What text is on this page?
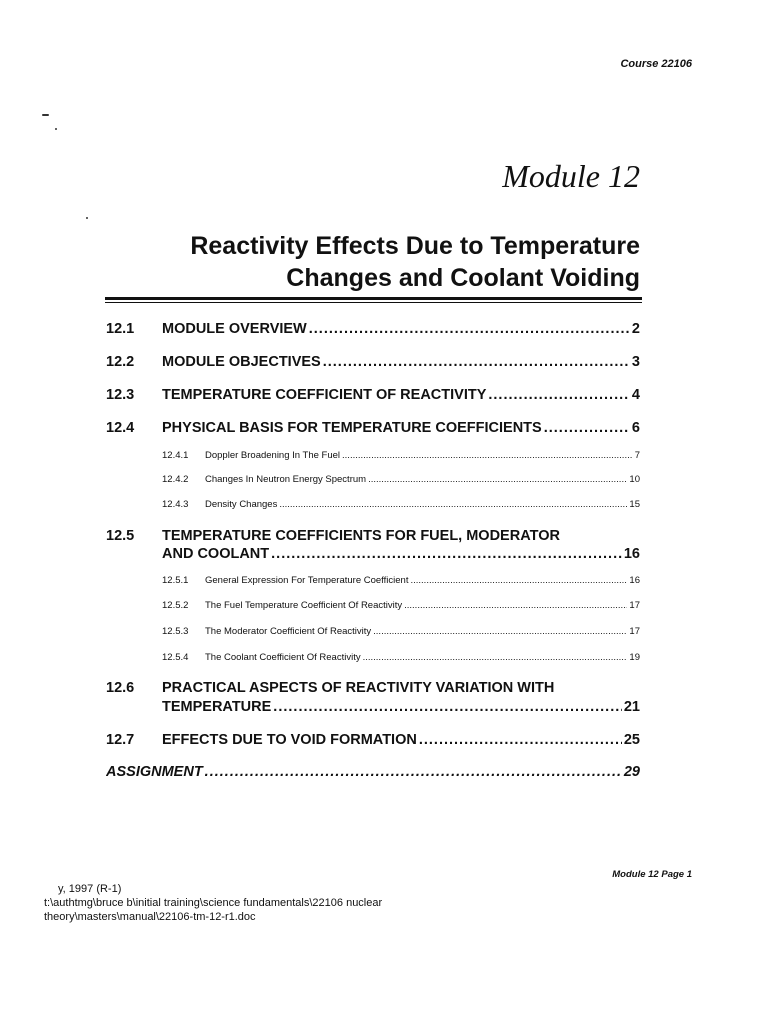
Course 22106
Module 12
Reactivity Effects Due to Temperature
Changes and Coolant Voiding
12.1	MODULE OVERVIEW .....	2
12.2	MODULE OBJECTIVES .....	3
12.3	TEMPERATURE COEFFICIENT OF REACTIVITY .....	4
12.4	PHYSICAL BASIS FOR TEMPERATURE COEFFICIENTS .....	6
12.4.1	Doppler Broadening In The Fuel .....	7
12.4.2	Changes In Neutron Energy Spectrum .....	10
12.4.3	Density Changes .....	15
12.5	TEMPERATURE COEFFICIENTS FOR FUEL, MODERATOR
AND COOLANT .....	16
12.5.1	General Expression For Temperature Coefficient .....	16
12.5.2	The Fuel Temperature Coefficient Of Reactivity .....	17
12.5.3	The Moderator Coefficient Of Reactivity .....	17
12.5.4	The Coolant Coefficient Of Reactivity .....	19
12.6	PRACTICAL ASPECTS OF REACTIVITY VARIATION WITH
TEMPERATURE .....	21
12.7	EFFECTS DUE TO VOID FORMATION .....	25
ASSIGNMENT .....	29
Module 12 Page 1
y, 1997 (R-1)
t:\authtmg\bruce b\initial training\science fundamentals\22106 nuclear
theory\masters\manual\22106-tm-12-r1.doc
